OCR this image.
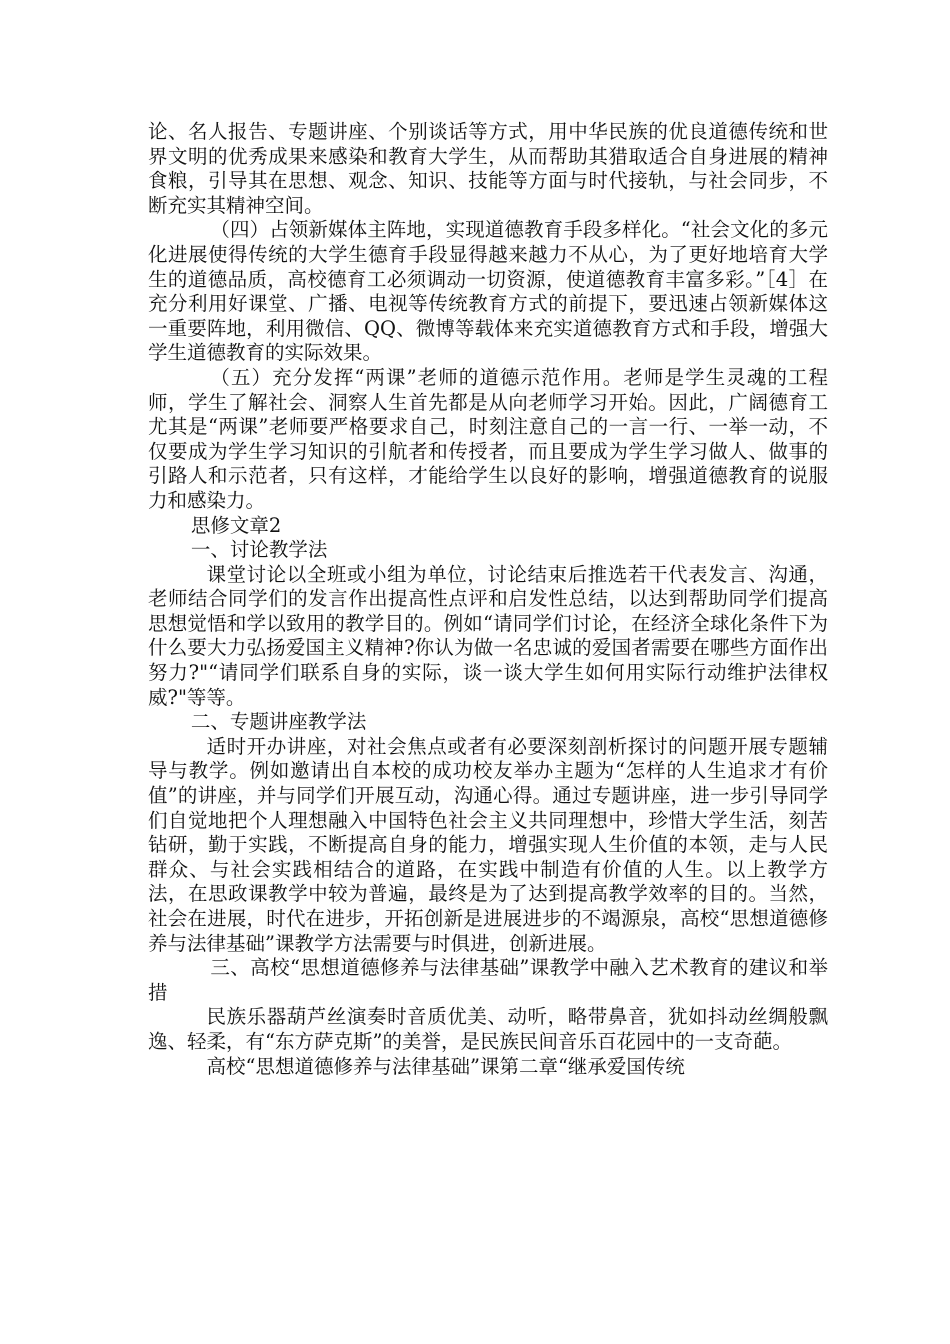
论、名人报告、专题讲座、个别谈话等方式，用中华民族的优良道德传统和世界文明的优秀成果来感染和教育大学生，从而帮助其猎取适合自身进展的精神食粮，引导其在思想、观念、知识、技能等方面与时代接轨，与社会同步，不断充实其精神空间。

（四）占领新媒体主阵地，实现道德教育手段多样化。“社会文化的多元化进展使得传统的大学生德育手段显得越来越力不从心，为了更好地培育大学生的道德品质，高校德育工必须调动一切资源，使道德教育丰富多彩。”［4］在充分利用好课堂、广播、电视等传统教育方式的前提下，要迅速占领新媒体这一重要阵地，利用微信、QQ、微博等载体来充实道德教育方式和手段，增强大学生道德教育的实际效果。

（五）充分发挥“两课”老师的道德示范作用。老师是学生灵魂的工程师，学生了解社会、洞察人生首先都是从向老师学习开始。因此，广阔德育工尤其是“两课”老师要严格要求自己，时刻注意自己的一言一行、一举一动，不仅要成为学生学习知识的引航者和传授者，而且要成为学生学习做人、做事的引路人和示范者，只有这样，才能给学生以良好的影响，增强道德教育的说服力和感染力。

思修文章2

一、讨论教学法

课堂讨论以全班或小组为单位，讨论结束后推选若干代表发言、沟通，老师结合同学们的发言作出提高性点评和启发性总结，以达到帮助同学们提高思想觉悟和学以致用的教学目的。例如“请同学们讨论，在经济全球化条件下为什么要大力弘扬爱国主义精神?你认为做一名忠诚的爱国者需要在哪些方面作出努力?"“请同学们联系自身的实际，谈一谈大学生如何用实际行动维护法律权威?"等等。

二、专题讲座教学法

适时开办讲座，对社会焦点或者有必要深刻剖析探讨的问题开展专题辅导与教学。例如邀请出自本校的成功校友举办主题为“怎样的人生追求才有价值”的讲座，并与同学们开展互动，沟通心得。通过专题讲座，进一步引导同学们自觉地把个人理想融入中国特色社会主义共同理想中，珍惜大学生活，刻苦钻研，勤于实践，不断提高自身的能力，增强实现人生价值的本领，走与人民群众、与社会实践相结合的道路，在实践中制造有价值的人生。以上教学方法，在思政课教学中较为普遍，最终是为了达到提高教学效率的目的。当然，社会在进展，时代在进步，开拓创新是进展进步的不竭源泉，高校“思想道德修养与法律基础”课教学方法需要与时俱进，创新进展。

三、高校“思想道德修养与法律基础”课教学中融入艺术教育的建议和举措

民族乐器葫芦丝演奏时音质优美、动听，略带鼻音，犹如抖动丝绸般飘逸、轻柔，有“东方萨克斯”的美誉，是民族民间音乐百花园中的一支奇葩。

高校“思想道德修养与法律基础”课第二章“继承爱国传统
